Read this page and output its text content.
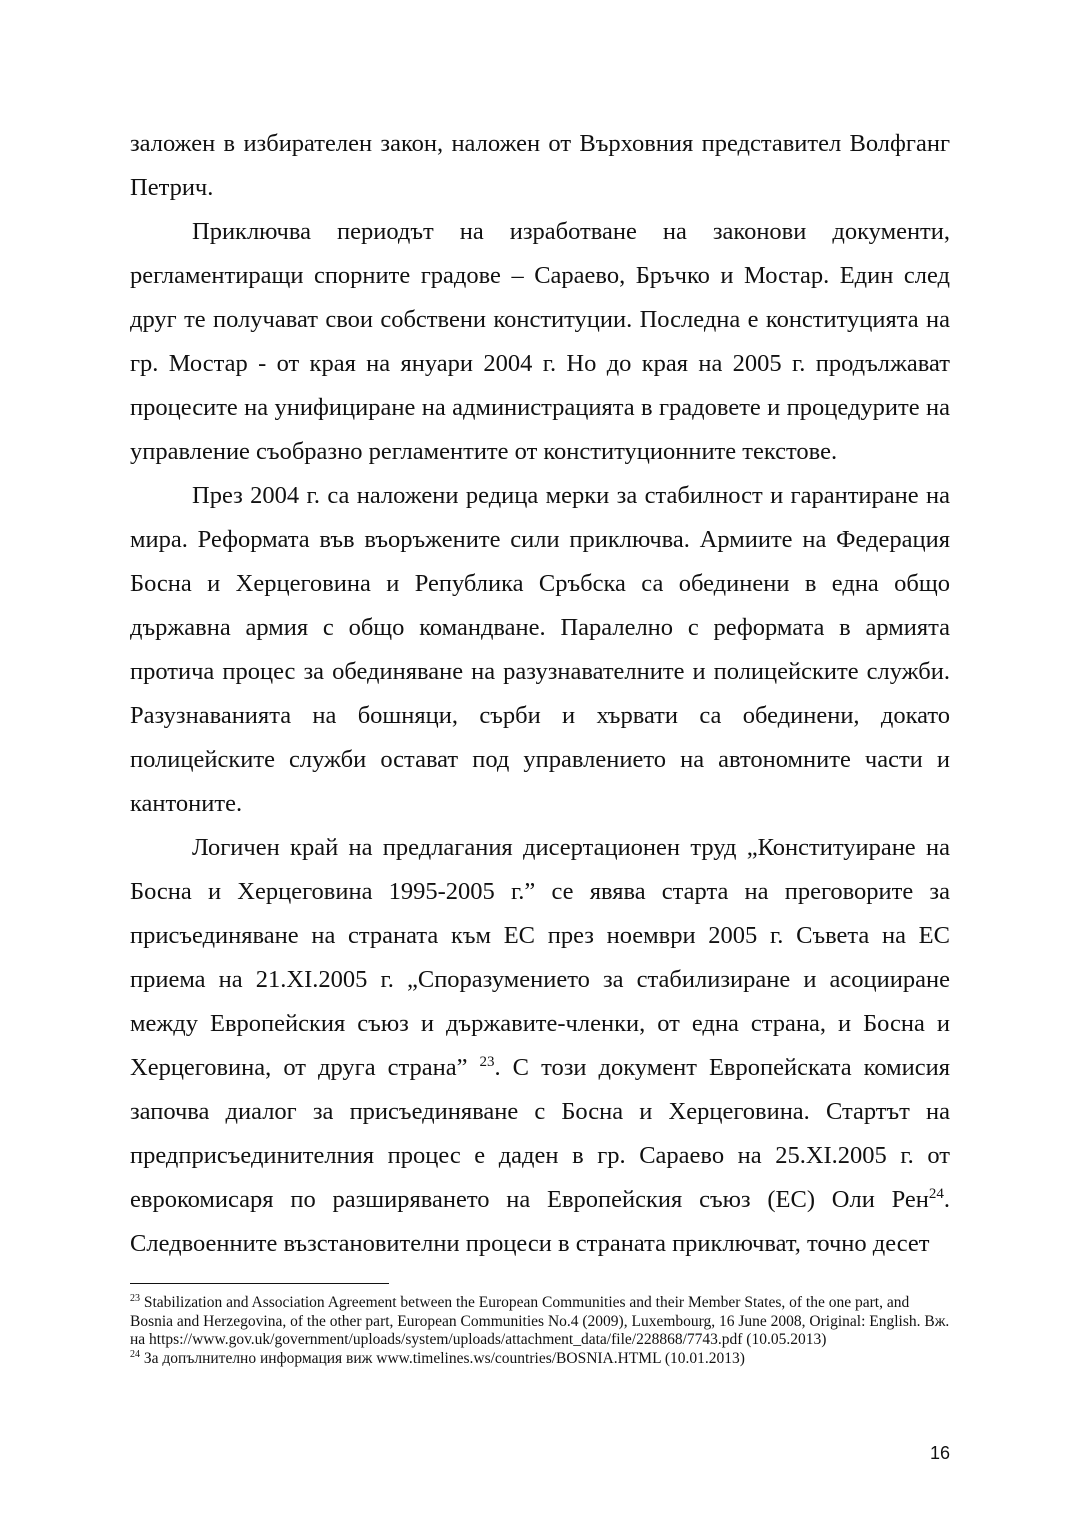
заложен в избирателен закон, наложен от Върховния представител Волфганг Петрич.

Приключва периодът на изработване на законови документи, регламентиращи спорните градове – Сараево, Бръчко и Мостар. Един след друг те получават свои собствени конституции. Последна е конституцията на гр. Мостар - от края на януари 2004 г. Но до края на 2005 г. продължават процесите на унифициране на администрацията в градовете и процедурите на управление съобразно регламентите от конституционните текстове.

През 2004 г. са наложени редица мерки за стабилност и гарантиране на мира. Реформата във въоръжените сили приключва. Армиите на Федерация Босна и Херцеговина и Република Сръбска са обединени в една общо държавна армия с общо командване. Паралелно с реформата в армията протича процес за обединяване на разузнавателните и полицейските служби. Разузнаванията на бошняци, сърби и хървати са обединени, докато полицейските служби остават под управлението на автономните части и кантоните.

Логичен край на предлагания дисертационен труд „Конституиране на Босна и Херцеговина 1995-2005 г.” се явява старта на преговорите за присъединяване на страната към ЕС през ноември 2005 г. Съвета на ЕС приема на 21.XI.2005 г. „Споразумението за стабилизиране и асоцииране между Европейския съюз и държавите-членки, от една страна, и Босна и Херцеговина, от друга страна” $^{23}$. С този документ Европейската комисия започва диалог за присъединяване с Босна и Херцеговина. Стартът на предприсъединителния процес е даден в гр. Сараево на 25.XI.2005 г. от еврокомисаря по разширяването на Европейския съюз (ЕС) Оли Рен$^{24}$. Следвоенните възстановителни процеси в страната приключват, точно десет

$^{23}$ Stabilization and Association Agreement between the European Communities and their Member States, of the one part, and Bosnia and Herzegovina, of the other part, European Communities No.4 (2009), Luxembourg, 16 June 2008, Original: English. Вж. на https://www.gov.uk/government/uploads/system/uploads/attachment_data/file/228868/7743.pdf (10.05.2013)

$^{24}$ За допълнително информация виж www.timelines.ws/countries/BOSNIA.HTML (10.01.2013)

16
